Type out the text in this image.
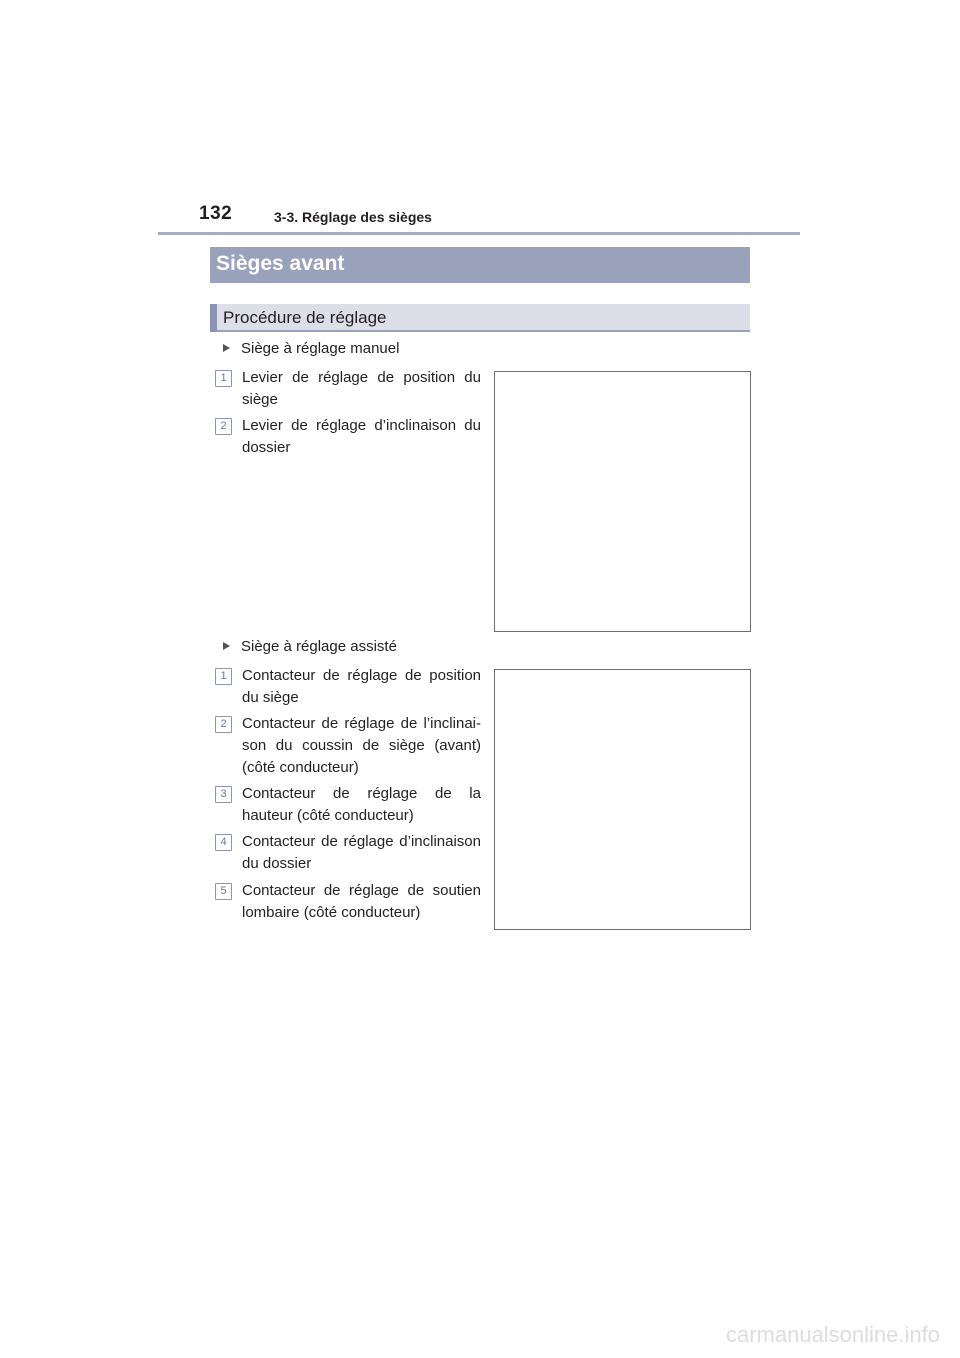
132	3-3. Réglage des sièges
Sièges avant
Procédure de réglage
Siège à réglage manuel
1	Levier de réglage de position du siège
2	Levier de réglage d’inclinaison du dossier
Siège à réglage assisté
1	Contacteur de réglage de position du siège
2	Contacteur de réglage de l’inclinai-son du coussin de siège (avant) (côté conducteur)
3	Contacteur de réglage de la hauteur (côté conducteur)
4	Contacteur de réglage d’inclinaison du dossier
5	Contacteur de réglage de soutien lombaire (côté conducteur)
carmanualsonline.info
